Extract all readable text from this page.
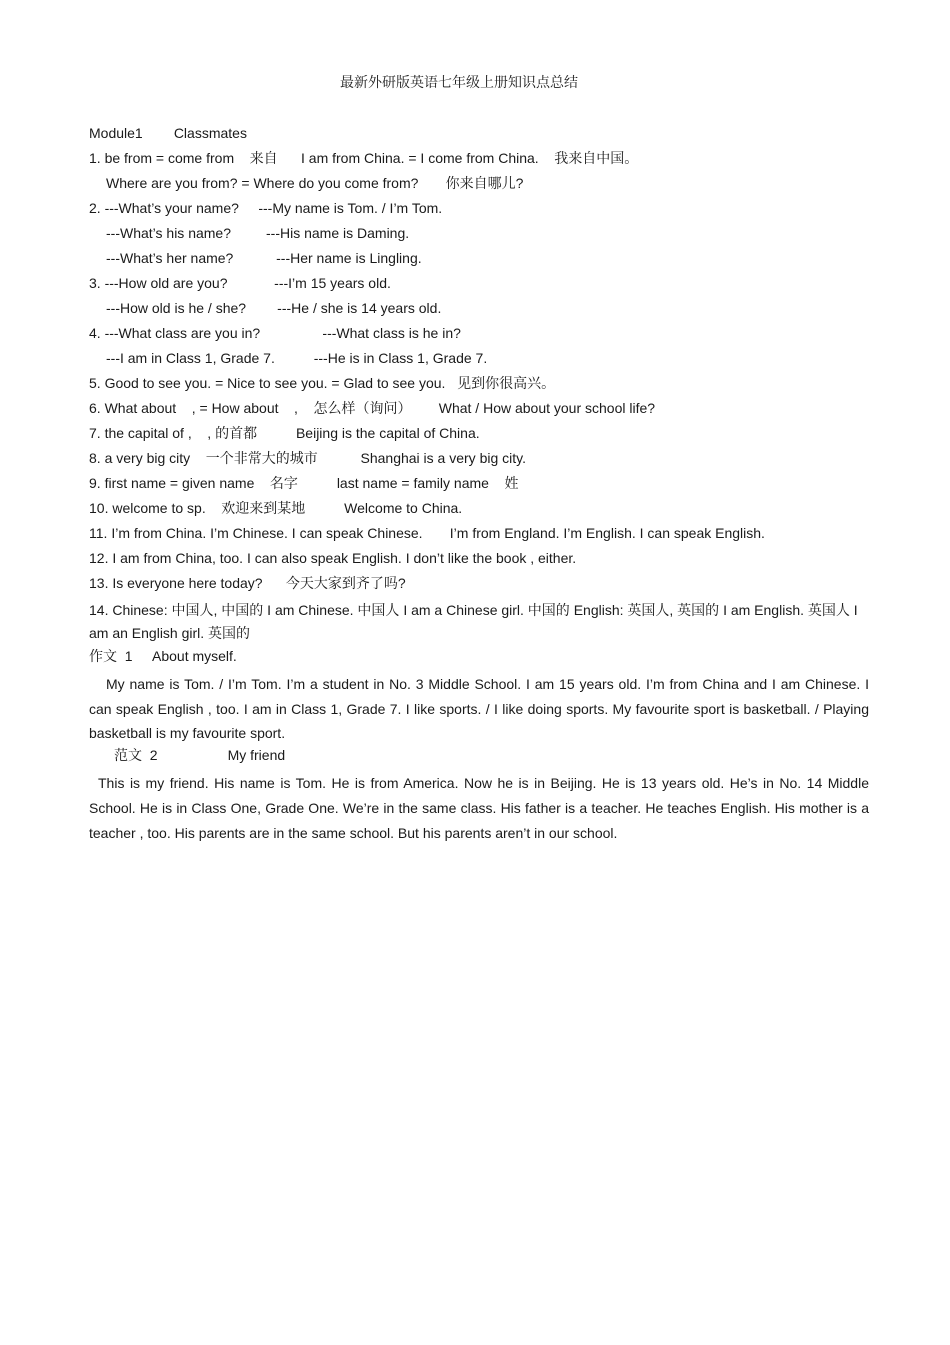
最新外研版英语七年级上册知识点总结
Module1        Classmates
1. be from = come from    来自      I am from China. = I come from China.    我来自中国。
Where are you from? = Where do you come from?       你来自哪儿?
2. ---What’s your name?     ---My name is Tom. / I’m Tom.
---What’s his name?         ---His name is Daming.
---What’s her name?           ---Her name is Lingling.
3. ---How old are you?            ---I’m 15 years old.
---How old is he / she?        ---He / she is 14 years old.
4. ---What class are you in?                ---What class is he in?
---I am in Class 1, Grade 7.          ---He is in Class 1, Grade 7.
5. Good to see you. = Nice to see you. = Glad to see you.   见到你很高兴。
6. What about    , = How about    ,    怎么样（询问）       What / How about your school life?
7. the capital of ,    , 的首都          Beijing is the capital of China.
8. a very big city    一个非常大的城市           Shanghai is a very big city.
9. first name = given name    名字          last name = family name    姓
10. welcome to sp.    欢迎来到某地          Welcome to China.
11. I’m from China. I’m Chinese. I can speak Chinese.       I’m from England. I’m English. I can speak English.
12. I am from China, too. I can also speak English. I don’t like the book , either.
13. Is everyone here today?      今天大家到齐了吗?
14. Chinese: 中国人, 中国的 I am Chinese. 中国人 I am a Chinese girl. 中国的 English: 英国人, 英国的 I am English. 英国人 I am an English girl. 英国的
作文  1     About myself.

My name is Tom. / I’m Tom. I’m a student in No. 3 Middle School. I am 15 years old. I’m from China and I am Chinese. I can speak English , too. I am in Class 1, Grade 7. I like sports. / I like doing sports. My favourite sport is basketball. / Playing basketball is my favourite sport.

范文  2                  My friend

This is my friend. His name is Tom. He is from America. Now he is in Beijing. He is 13 years old. He’s in No. 14 Middle School. He is in Class One, Grade One. We’re in the same class. His father is a teacher. He teaches English. His mother is a teacher , too. His parents are in the same school. But his parents aren’t in our school.
